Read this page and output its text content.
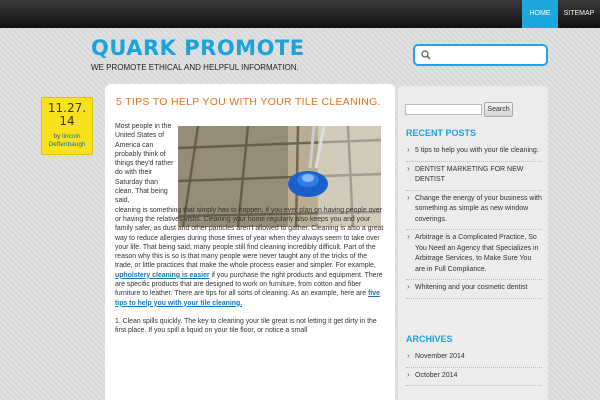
HOME	SITEMAP
QUARK PROMOTE
WE PROMOTE ETHICAL AND HELPFUL INFORMATION.
11.27.14
by lincoln Deffenbaugh
5 TIPS TO HELP YOU WITH YOUR TILE CLEANING.
Most people in the United States of America can probably think of things they'd rather do with their Saturday than clean. That being said,

cleaning is something that simply has to happen, if you ever plan on having people over or having the relatives visits. Cleaning your home regularly also keeps you and your family safer, as dust and other particles aren't allowed to gather. Cleaning is also a great way to reduce allergies during those times of year when they always seem to take over your life. That being said, many people still find cleaning incredibly difficult. Part of the reason why this is so is that many people were never taught any of the tricks of the trade, or little practices that make the whole process easier and simpler. For example, upholstery cleaning is easier if you purchase the right products and equipment. There are specific products that are designed to work on furniture, from cotton and fiber furniture to leather. There are tips for all sorts of cleaning. As an example, here are five tips to help you with your tile cleaning.

1. Clean spills quickly. The key to cleaning your tile great is not letting it get dirty in the first place. If you spill a liquid on your tile floor, or notice a small

Search
RECENT POSTS
› 5 tips to help you with your tile cleaning.
› DENTIST MARKETING FOR NEW DENTIST
› Change the energy of your business with something as simple as new window coverings.
› Arbitrage is a Complicated Practice, So You Need an Agency that Specializes in Arbitrage Services, to Make Sure You are in Full Compliance.
› Whitening and your cosmetic dentist
ARCHIVES
› November 2014
› October 2014
